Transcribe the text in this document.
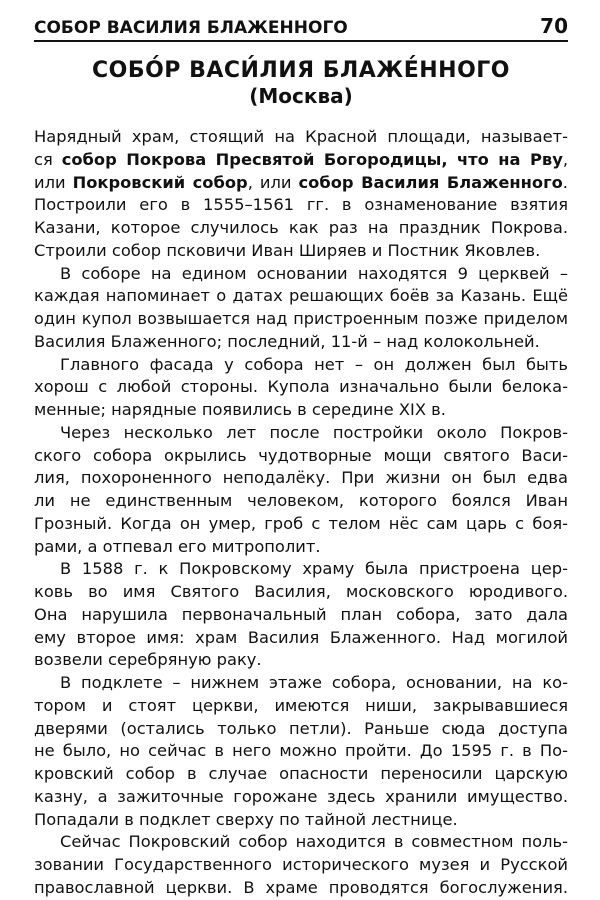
СОБОР ВАСИЛИЯ БЛАЖЕННОГО	70
СОБО́Р ВАСИ́ЛИЯ БЛАЖЕ́ННОГО
(Москва)

Нарядный храм, стоящий на Красной площади, называет-
ся собор Покрова Пресвятой Богородицы, что на Рву,
или Покровский собор, или собор Василия Блаженного.
Построили его в 1555–1561 гг. в ознаменование взятия
Казани, которое случилось как раз на праздник Покрова.
Строили собор псковичи Иван Ширяев и Постник Яковлев.

В соборе на едином основании находятся 9 церквей –
каждая напоминает о датах решающих боёв за Казань. Ещё
один купол возвышается над пристроенным позже приделом
Василия Блаженного; последний, 11-й – над колокольней.

Главного фасада у собора нет – он должен был быть
хорош с любой стороны. Купола изначально были белока-
менные; нарядные появились в середине XIX в.

Через несколько лет после постройки около Покров-
ского собора окрылись чудотворные мощи святого Васи-
лия, похороненного неподалёку. При жизни он был едва
ли не единственным человеком, которого боялся Иван
Грозный. Когда он умер, гроб с телом нёс сам царь с боя-
рами, а отпевал его митрополит.

В 1588 г. к Покровскому храму была пристроена цер-
ковь во имя Святого Василия, московского юродивого.
Она нарушила первоначальный план собора, зато дала
ему второе имя: храм Василия Блаженного. Над могилой
возвели серебряную раку.

В подклете – нижнем этаже собора, основании, на ко-
тором и стоят церкви, имеются ниши, закрывавшиеся
дверями (остались только петли). Раньше сюда доступа
не было, но сейчас в него можно пройти. До 1595 г. в По-
кровский собор в случае опасности переносили царскую
казну, а зажиточные горожане здесь хранили имущество.
Попадали в подклет сверху по тайной лестнице.

Сейчас Покровский собор находится в совместном поль-
зовании Государственного исторического музея и Русской
православной церкви. В храме проводятся богослужения.
